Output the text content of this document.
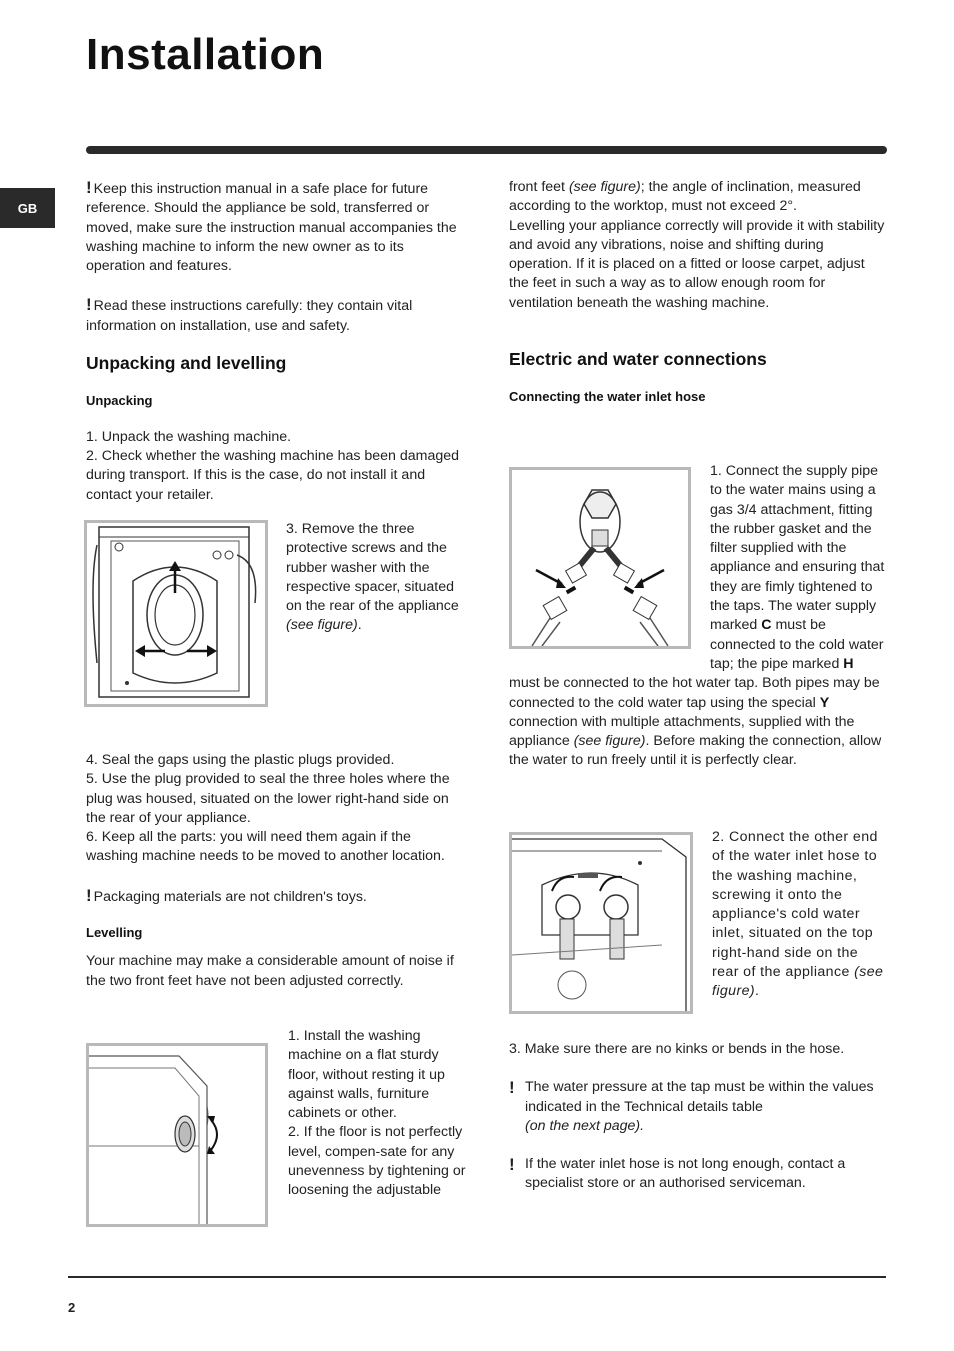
Installation
GB

! Keep this instruction manual in a safe place for future reference. Should the appliance be sold, transferred or moved, make sure the instruction manual accompanies the washing machine to inform the new owner as to its operation and features.

! Read these instructions carefully: they contain vital information on installation, use and safety.

Unpacking and levelling

Unpacking

1. Unpack the washing machine.

2. Check whether the washing machine has been damaged during transport. If this is the case, do not install it and contact your retailer.

3. Remove the three protective screws and the rubber washer with the respective spacer, situated on the rear of the appliance (see figure).

4. Seal the gaps using the plastic plugs provided.

5. Use the plug provided to seal the three holes where the plug was housed, situated on the lower right-hand side on the rear of your appliance.

6. Keep all the parts: you will need them again if the washing machine needs to be moved to another location.

! Packaging materials are not children's toys.

Levelling

Your machine may make a considerable amount of noise if the two front feet have not been adjusted correctly.

1. Install the washing machine on a flat sturdy floor, without resting it up against walls, furniture cabinets or other.

2. If the floor is not perfectly level, compen-sate for any unevenness by tightening or loosening the adjustable

front feet (see figure); the angle of inclination, measured according to the worktop, must not exceed 2°.

Levelling your appliance correctly will provide it with stability and avoid any vibrations, noise and shifting during operation. If it is placed on a fitted or loose carpet, adjust the feet in such a way as to allow enough room for ventilation beneath the washing machine.

Electric and water connections

Connecting the water inlet hose

1. Connect the supply pipe to the water mains using a gas 3/4 attachment, fitting the rubber gasket and the filter supplied with the appliance and ensuring that they are fimly tightened to the taps. The water supply marked C must be connected to the cold water tap; the pipe marked H must be connected to the hot water tap. Both pipes may be connected to the cold water tap using the special Y connection with multiple attachments, supplied with the appliance (see figure). Before making the connection, allow the water to run freely until it is perfectly clear.
2. Connect the other end of the water inlet hose to the washing machine, screwing it onto the appliance's cold water inlet, situated on the top right-hand side on the rear of the appliance (see figure).

3. Make sure there are no kinks or bends in the hose.

! The water pressure at the tap must be within the values indicated in the Technical details table
(on the next page).
! If the water inlet hose is not long enough, contact a specialist store or an authorised serviceman.
2
